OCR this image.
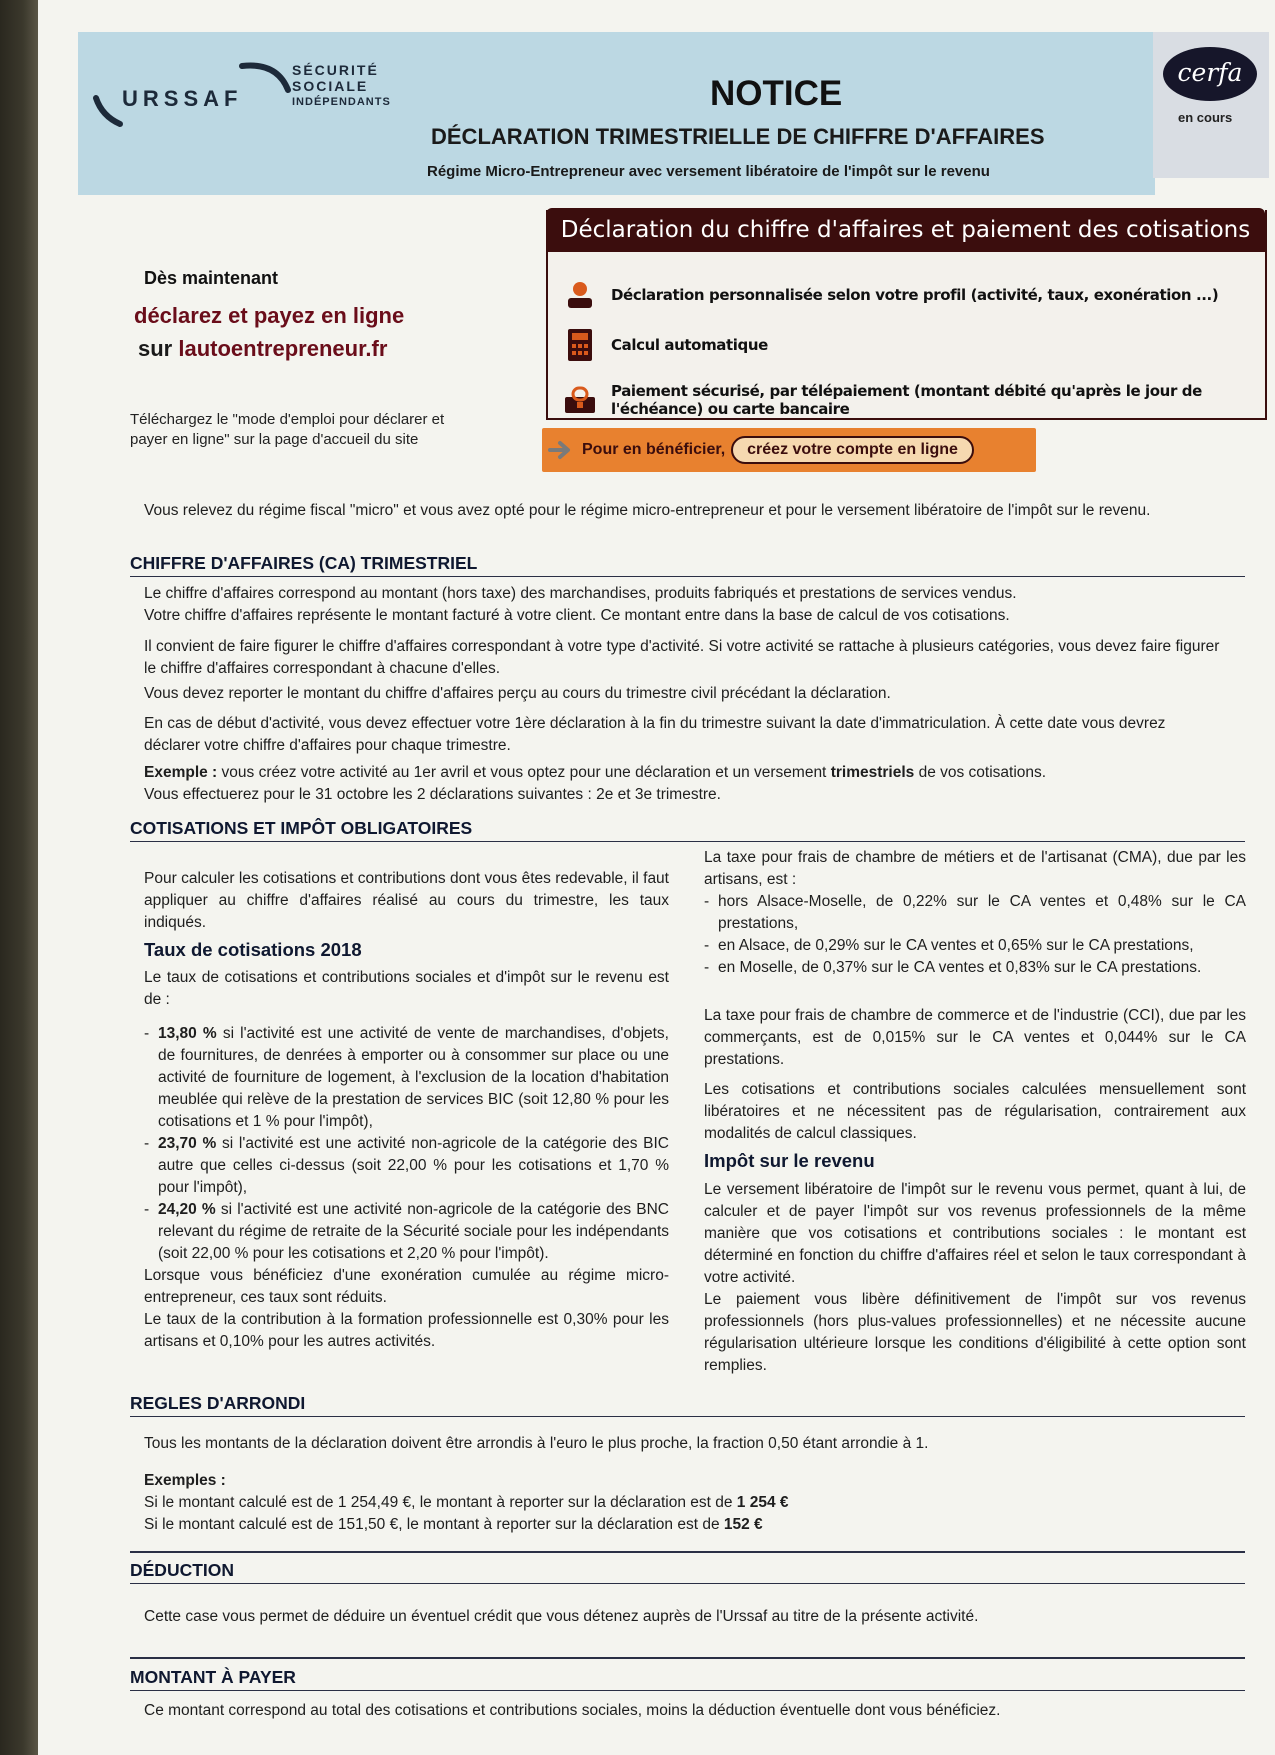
URSSAF
SÉCURITÉ
SOCIALE
INDÉPENDANTS	NOTICE
DÉCLARATION TRIMESTRIELLE DE CHIFFRE D'AFFAIRES
Régime Micro-Entrepreneur avec versement libératoire de l'impôt sur le revenu
cerfa
en cours
Dès maintenant
déclarez et payez en ligne
sur lautoentrepreneur.fr
Téléchargez le "mode d'emploi pour déclarer et payer en ligne" sur la page d'accueil du site
Déclaration du chiffre d'affaires et paiement des cotisations
Déclaration personnalisée selon votre profil (activité, taux, exonération ...)
Calcul automatique
Paiement sécurisé, par télépaiement (montant débité qu'après le jour de l'échéance) ou carte bancaire
Pour en bénéficier,	créez votre compte en ligne
Vous relevez du régime fiscal "micro" et vous avez opté pour le régime micro-entrepreneur et pour le versement libératoire de l'impôt sur le revenu.
CHIFFRE D'AFFAIRES (CA) TRIMESTRIEL
Le chiffre d'affaires correspond au montant (hors taxe) des marchandises, produits fabriqués et prestations de services vendus.
Votre chiffre d'affaires représente le montant facturé à votre client. Ce montant entre dans la base de calcul de vos cotisations.
Il convient de faire figurer le chiffre d'affaires correspondant à votre type d'activité. Si votre activité se rattache à plusieurs catégories, vous devez faire figurer le chiffre d'affaires correspondant à chacune d'elles.
Vous devez reporter le montant du chiffre d'affaires perçu au cours du trimestre civil précédant la déclaration.
En cas de début d'activité, vous devez effectuer votre 1ère déclaration à la fin du trimestre suivant la date d'immatriculation. À cette date vous devrez déclarer votre chiffre d'affaires pour chaque trimestre.
Exemple : vous créez votre activité au 1er avril et vous optez pour une déclaration et un versement trimestriels de vos cotisations.
Vous effectuerez pour le 31 octobre les 2 déclarations suivantes : 2e et 3e trimestre.
COTISATIONS ET IMPÔT OBLIGATOIRES
Pour calculer les cotisations et contributions dont vous êtes redevable, il faut appliquer au chiffre d'affaires réalisé au cours du trimestre, les taux indiqués.
Taux de cotisations 2018
Le taux de cotisations et contributions sociales et d'impôt sur le revenu est de :
- 13,80 % si l'activité est une activité de vente de marchandises, d'objets, de fournitures, de denrées à emporter ou à consommer sur place ou une activité de fourniture de logement, à l'exclusion de la location d'habitation meublée qui relève de la prestation de services BIC (soit 12,80 % pour les cotisations et 1 % pour l'impôt),
- 23,70 % si l'activité est une activité non-agricole de la catégorie des BIC autre que celles ci-dessus (soit 22,00 % pour les cotisations et 1,70 % pour l'impôt),
- 24,20 % si l'activité est une activité non-agricole de la catégorie des BNC relevant du régime de retraite de la Sécurité sociale pour les indépendants (soit 22,00 % pour les cotisations et 2,20 % pour l'impôt).
Lorsque vous bénéficiez d'une exonération cumulée au régime micro-entrepreneur, ces taux sont réduits.
Le taux de la contribution à la formation professionnelle est 0,30% pour les artisans et 0,10% pour les autres activités.
La taxe pour frais de chambre de métiers et de l'artisanat (CMA), due par les artisans, est :
- hors Alsace-Moselle, de 0,22% sur le CA ventes et 0,48% sur le CA prestations,
- en Alsace, de 0,29% sur le CA ventes et 0,65% sur le CA prestations,
- en Moselle, de 0,37% sur le CA ventes et 0,83% sur le CA prestations.
La taxe pour frais de chambre de commerce et de l'industrie (CCI), due par les commerçants, est de 0,015% sur le CA ventes et 0,044% sur le CA prestations.
Les cotisations et contributions sociales calculées mensuellement sont libératoires et ne nécessitent pas de régularisation, contrairement aux modalités de calcul classiques.
Impôt sur le revenu
Le versement libératoire de l'impôt sur le revenu vous permet, quant à lui, de calculer et de payer l'impôt sur vos revenus professionnels de la même manière que vos cotisations et contributions sociales : le montant est déterminé en fonction du chiffre d'affaires réel et selon le taux correspondant à votre activité.
Le paiement vous libère définitivement de l'impôt sur vos revenus professionnels (hors plus-values professionnelles) et ne nécessite aucune régularisation ultérieure lorsque les conditions d'éligibilité à cette option sont remplies.
REGLES D'ARRONDI
Tous les montants de la déclaration doivent être arrondis à l'euro le plus proche, la fraction 0,50 étant arrondie à 1.
Exemples :
Si le montant calculé est de 1 254,49 €, le montant à reporter sur la déclaration est de 1 254 €
Si le montant calculé est de 151,50 €, le montant à reporter sur la déclaration est de 152 €
DÉDUCTION
Cette case vous permet de déduire un éventuel crédit que vous détenez auprès de l'Urssaf au titre de la présente activité.
MONTANT À PAYER
Ce montant correspond au total des cotisations et contributions sociales, moins la déduction éventuelle dont vous bénéficiez.
